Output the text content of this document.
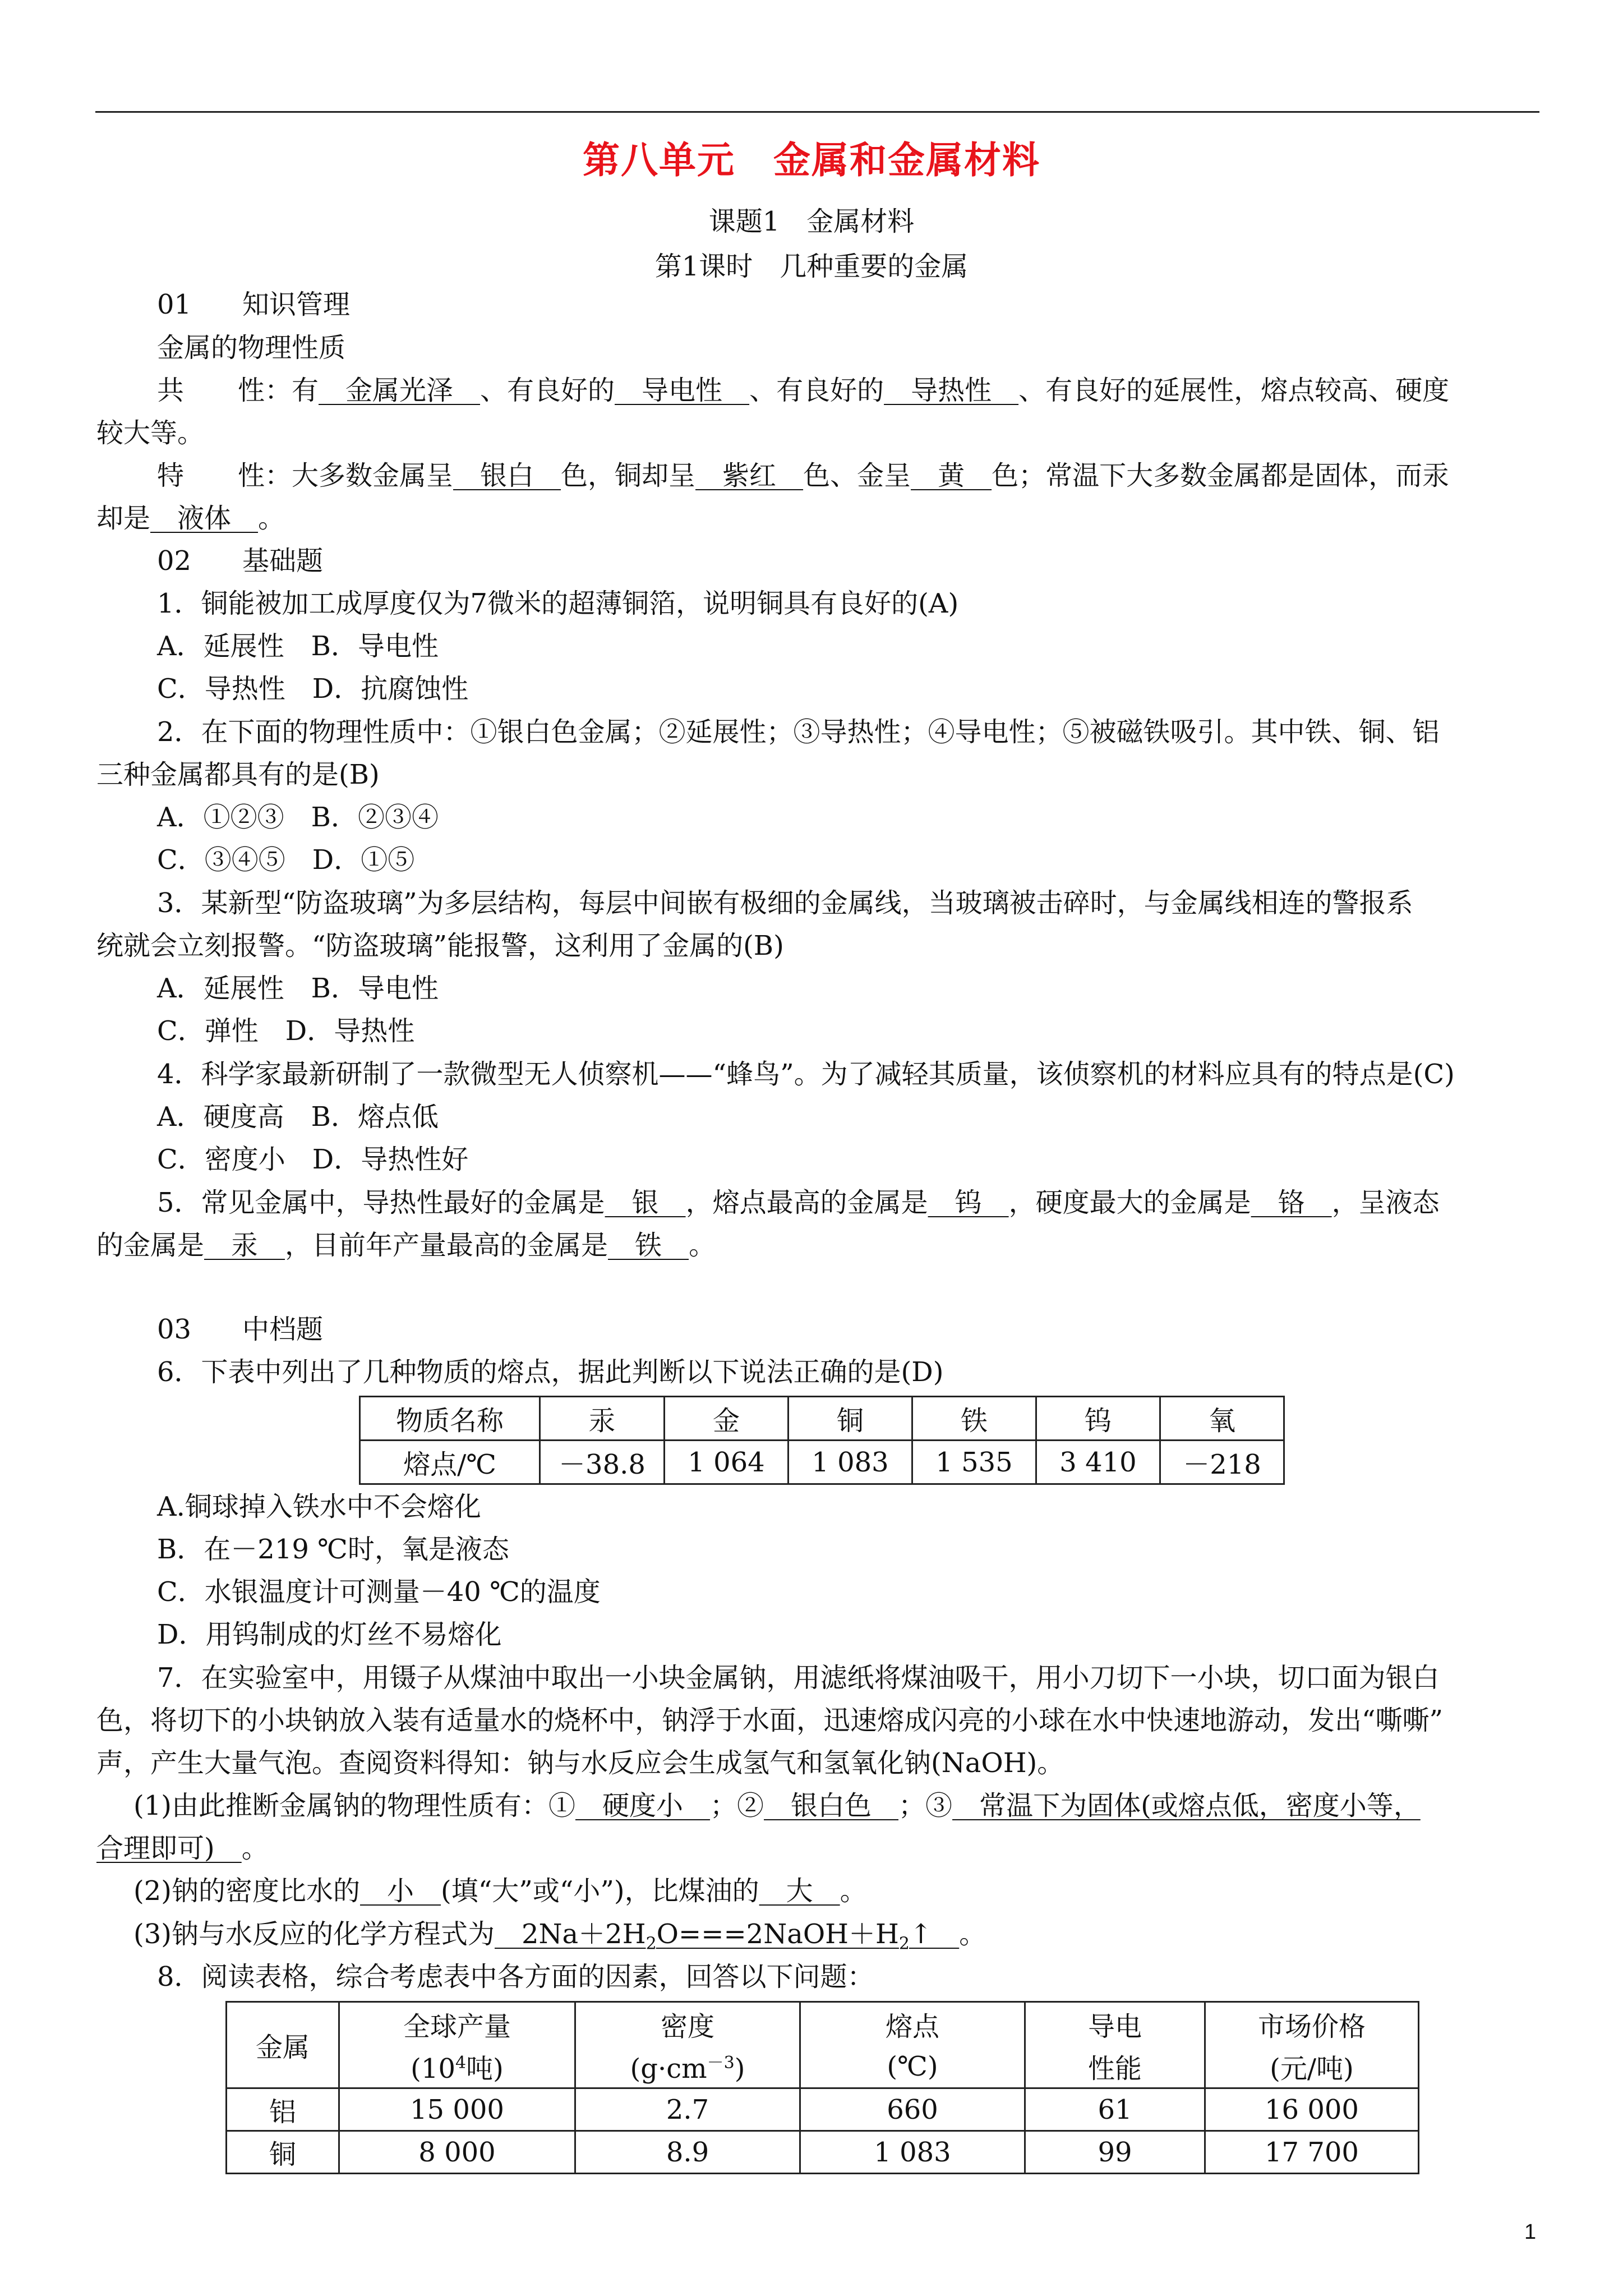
第八单元　金属和金属材料
课题1　金属材料
第1课时　几种重要的金属
01 知识管理
金属的物理性质
共　　性：有　金属光泽　、有良好的　导电性　、有良好的　导热性　、有良好的延展性，熔点较高、硬度
较大等。
特　　性：大多数金属呈　银白　色，铜却呈　紫红　色、金呈　黄　色；常温下大多数金属都是固体，而汞
却是　液体　。
02 基础题
1．铜能被加工成厚度仅为7微米的超薄铜箔，说明铜具有良好的(A)
A．延展性　B．导电性
C．导热性　D．抗腐蚀性
2．在下面的物理性质中：①银白色金属；②延展性；③导热性；④导电性；⑤被磁铁吸引。其中铁、铜、铝
三种金属都具有的是(B)
A．①②③　B．②③④
C．③④⑤　D．①⑤
3．某新型“防盗玻璃”为多层结构，每层中间嵌有极细的金属线，当玻璃被击碎时，与金属线相连的警报系
统就会立刻报警。“防盗玻璃”能报警，这利用了金属的(B)
A．延展性　B．导电性
C．弹性　D．导热性
4．科学家最新研制了一款微型无人侦察机——“蜂鸟”。为了减轻其质量，该侦察机的材料应具有的特点是(C)
A．硬度高　B．熔点低
C．密度小　D．导热性好
5．常见金属中，导热性最好的金属是　银　，熔点最高的金属是　钨　，硬度最大的金属是　铬　，呈液态
的金属是　汞　，目前年产量最高的金属是　铁　。
03 中档题
6．下表中列出了几种物质的熔点，据此判断以下说法正确的是(D)
物质名称	汞	金	铜	铁	钨	氧
熔点/℃	－38.8	1 064	1 083	1 535	3 410	－218
A.铜球掉入铁水中不会熔化
B．在－219 ℃时，氧是液态
C．水银温度计可测量－40 ℃的温度
D．用钨制成的灯丝不易熔化
7．在实验室中，用镊子从煤油中取出一小块金属钠，用滤纸将煤油吸干，用小刀切下一小块，切口面为银白
色，将切下的小块钠放入装有适量水的烧杯中，钠浮于水面，迅速熔成闪亮的小球在水中快速地游动，发出“嘶嘶”
声，产生大量气泡。查阅资料得知：钠与水反应会生成氢气和氢氧化钠(NaOH)。
(1)由此推断金属钠的物理性质有：①　硬度小　；②　银白色　；③　常温下为固体(或熔点低，密度小等，
合理即可)　。
(2)钠的密度比水的　小　(填“大”或“小”)，比煤油的　大　。
(3)钠与水反应的化学方程式为　$2Na+2H_2O===2NaOH+H_2↑$　。
8．阅读表格，综合考虑表中各方面的因素，回答以下问题：
金属	全球产量	密度	熔点	导电	市场价格
	($10^4$吨)	$(g\cdot cm^{-3})$	(℃)	性能	(元/吨)
铝	15 000	2.7	660	61	16 000
铜	8 000	8.9	1 083	99	17 700
1
